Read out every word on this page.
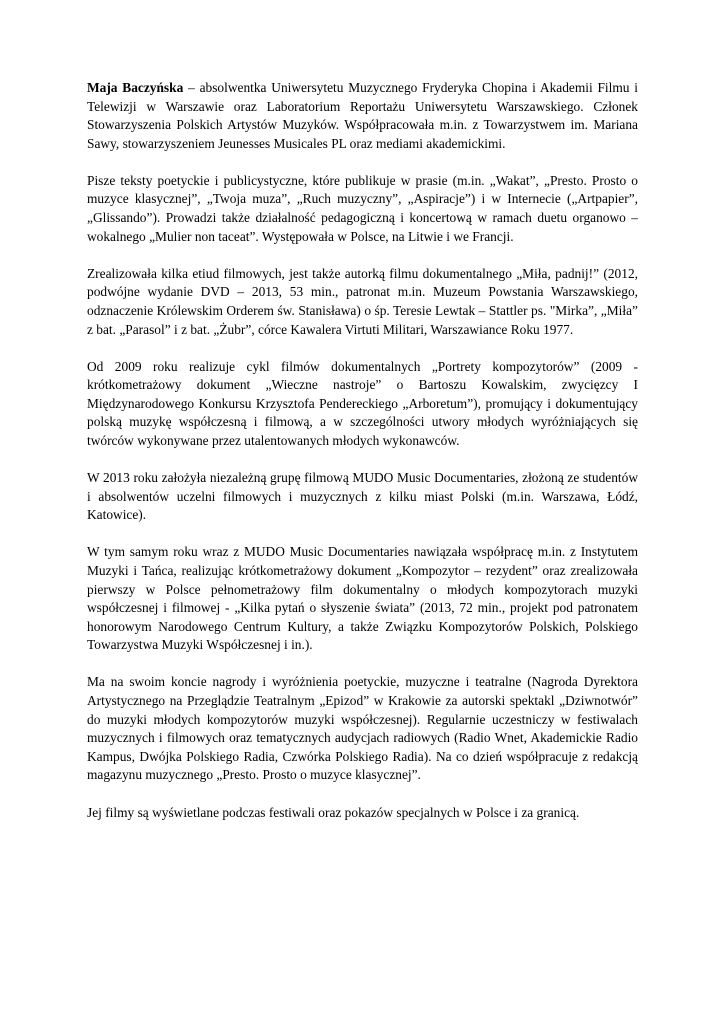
Maja Baczyńska – absolwentka Uniwersytetu Muzycznego Fryderyka Chopina i Akademii Filmu i Telewizji w Warszawie oraz Laboratorium Reportażu Uniwersytetu Warszawskiego. Członek Stowarzyszenia Polskich Artystów Muzyków. Współpracowała m.in. z Towarzystwem im. Mariana Sawy, stowarzyszeniem Jeunesses Musicales PL oraz mediami akademickimi.

Pisze teksty poetyckie i publicystyczne, które publikuje w prasie (m.in. „Wakat”, „Presto. Prosto o muzyce klasycznej”, „Twoja muza”, „Ruch muzyczny”, „Aspiracje”) i w Internecie („Artpapier”, „Glissando”). Prowadzi także działalność pedagogiczną i koncertową w ramach duetu organowo – wokalnego „Mulier non taceat”. Występowała w Polsce, na Litwie i we Francji.

Zrealizowała kilka etiud filmowych, jest także autorką filmu dokumentalnego „Miła, padnij!” (2012, podwójne wydanie DVD – 2013, 53 min., patronat m.in. Muzeum Powstania Warszawskiego, odznaczenie Królewskim Orderem św. Stanisława) o śp. Teresie Lewtak – Stattler ps. "Mirka”, „Miła” z bat. „Parasol” i z bat. „Żubr”, córce Kawalera Virtuti Militari, Warszawiance Roku 1977.

Od 2009 roku realizuje cykl filmów dokumentalnych „Portrety kompozytorów” (2009 - krótkometrażowy dokument „Wieczne nastroje” o Bartoszu Kowalskim, zwycięzcy I Międzynarodowego Konkursu Krzysztofa Pendereckiego „Arboretum”), promujący i dokumentujący polską muzykę współczesną i filmową, a w szczególności utwory młodych wyróżniających się twórców wykonywane przez utalentowanych młodych wykonawców.

W 2013 roku założyła niezależną grupę filmową MUDO Music Documentaries, złożoną ze studentów i absolwentów uczelni filmowych i muzycznych z kilku miast Polski (m.in. Warszawa, Łódź, Katowice).

W tym samym roku wraz z MUDO Music Documentaries nawiązała współpracę m.in. z Instytutem Muzyki i Tańca, realizując krótkometrażowy dokument „Kompozytor – rezydent” oraz zrealizowała pierwszy w Polsce pełnometrażowy film dokumentalny o młodych kompozytorach muzyki współczesnej i filmowej - „Kilka pytań o słyszenie świata” (2013, 72 min., projekt pod patronatem honorowym Narodowego Centrum Kultury, a także Związku Kompozytorów Polskich, Polskiego Towarzystwa Muzyki Współczesnej i in.).

Ma na swoim koncie nagrody i wyróżnienia poetyckie, muzyczne i teatralne (Nagroda Dyrektora Artystycznego na Przeglądzie Teatralnym „Epizod” w Krakowie za autorski spektakl „Dziwnotwór” do muzyki młodych kompozytorów muzyki współczesnej). Regularnie uczestniczy w festiwalach muzycznych i filmowych oraz tematycznych audycjach radiowych (Radio Wnet, Akademickie Radio Kampus, Dwójka Polskiego Radia, Czwórka Polskiego Radia). Na co dzień współpracuje z redakcją magazynu muzycznego „Presto. Prosto o muzyce klasycznej”.

Jej filmy są wyświetlane podczas festiwali oraz pokazów specjalnych w Polsce i za granicą.
